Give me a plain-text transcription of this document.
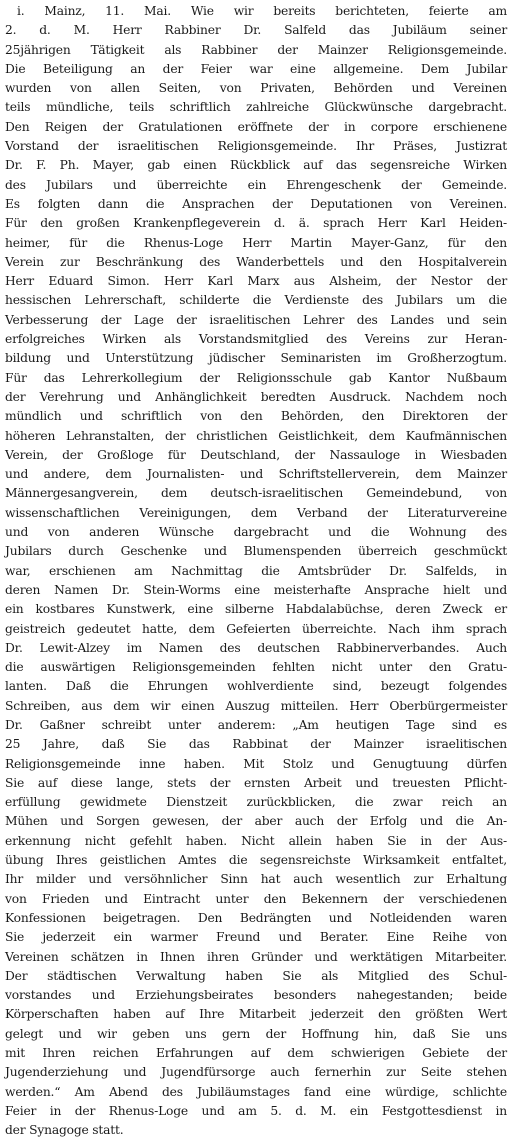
i. Mainz, 11. Mai. Wie wir bereits berichteten, feierte am
2. d. M. Herr Rabbiner Dr. Salfeld das Jubiläum seiner
25jährigen Tätigkeit als Rabbiner der Mainzer Religionsgemeinde.
Die Beteiligung an der Feier war eine allgemeine. Dem Jubilar
wurden von allen Seiten, von Privaten, Behörden und Vereinen
teils mündliche, teils schriftlich zahlreiche Glückwünsche dargebracht.
Den Reigen der Gratulationen eröffnete der in corpore erschienene
Vorstand der israelitischen Religionsgemeinde. Ihr Präses, Justizrat
Dr. F. Ph. Mayer, gab einen Rückblick auf das segensreiche Wirken
des Jubilars und überreichte ein Ehrengeschenk der Gemeinde.
Es folgten dann die Ansprachen der Deputationen von Vereinen.
Für den großen Krankenpflegeverein d. ä. sprach Herr Karl Heiden-
heimer, für die Rhenus-Loge Herr Martin Mayer-Ganz, für den
Verein zur Beschränkung des Wanderbettels und den Hospitalverein
Herr Eduard Simon. Herr Karl Marx aus Alsheim, der Nestor der
hessischen Lehrerschaft, schilderte die Verdienste des Jubilars um die
Verbesserung der Lage der israelitischen Lehrer des Landes und sein
erfolgreiches Wirken als Vorstandsmitglied des Vereins zur Heran-
bildung und Unterstützung jüdischer Seminaristen im Großherzogtum.
Für das Lehrerkollegium der Religionsschule gab Kantor Nußbaum
der Verehrung und Anhänglichkeit beredten Ausdruck. Nachdem noch
mündlich und schriftlich von den Behörden, den Direktoren der
höheren Lehranstalten, der christlichen Geistlichkeit, dem Kaufmännischen
Verein, der Großloge für Deutschland, der Nassauloge in Wiesbaden
und andere, dem Journalisten- und Schriftstellerverein, dem Mainzer
Männergesangverein, dem deutsch-israelitischen Gemeindebund, von
wissenschaftlichen Vereinigungen, dem Verband der Literaturvereine
und von anderen Wünsche dargebracht und die Wohnung des
Jubilars durch Geschenke und Blumenspenden überreich geschmückt
war, erschienen am Nachmittag die Amtsbrüder Dr. Salfelds, in
deren Namen Dr. Stein-Worms eine meisterhafte Ansprache hielt und
ein kostbares Kunstwerk, eine silberne Habdalabüchse, deren Zweck er
geistreich gedeutet hatte, dem Gefeierten überreichte. Nach ihm sprach
Dr. Lewit-Alzey im Namen des deutschen Rabbinerverbandes. Auch
die auswärtigen Religionsgemeinden fehlten nicht unter den Gratu-
lanten. Daß die Ehrungen wohlverdiente sind, bezeugt folgendes
Schreiben, aus dem wir einen Auszug mitteilen. Herr Oberbürgermeister
Dr. Gaßner schreibt unter anderem: „Am heutigen Tage sind es
25 Jahre, daß Sie das Rabbinat der Mainzer israelitischen
Religionsgemeinde inne haben. Mit Stolz und Genugtuung dürfen
Sie auf diese lange, stets der ernsten Arbeit und treuesten Pflicht-
erfüllung gewidmete Dienstzeit zurückblicken, die zwar reich an
Mühen und Sorgen gewesen, der aber auch der Erfolg und die An-
erkennung nicht gefehlt haben. Nicht allein haben Sie in der Aus-
übung Ihres geistlichen Amtes die segensreichste Wirksamkeit entfaltet,
Ihr milder und versöhnlicher Sinn hat auch wesentlich zur Erhaltung
von Frieden und Eintracht unter den Bekennern der verschiedenen
Konfessionen beigetragen. Den Bedrängten und Notleidenden waren
Sie jederzeit ein warmer Freund und Berater. Eine Reihe von
Vereinen schätzen in Ihnen ihren Gründer und werktätigen Mitarbeiter.
Der städtischen Verwaltung haben Sie als Mitglied des Schul-
vorstandes und Erziehungsbeirates besonders nahegestanden; beide
Körperschaften haben auf Ihre Mitarbeit jederzeit den größten Wert
gelegt und wir geben uns gern der Hoffnung hin, daß Sie uns
mit Ihren reichen Erfahrungen auf dem schwierigen Gebiete der
Jugenderziehung und Jugendfürsorge auch fernerhin zur Seite stehen
werden.“ Am Abend des Jubiläumstages fand eine würdige, schlichte
Feier in der Rhenus-Loge und am 5. d. M. ein Festgottesdienst in
der Synagoge statt.
